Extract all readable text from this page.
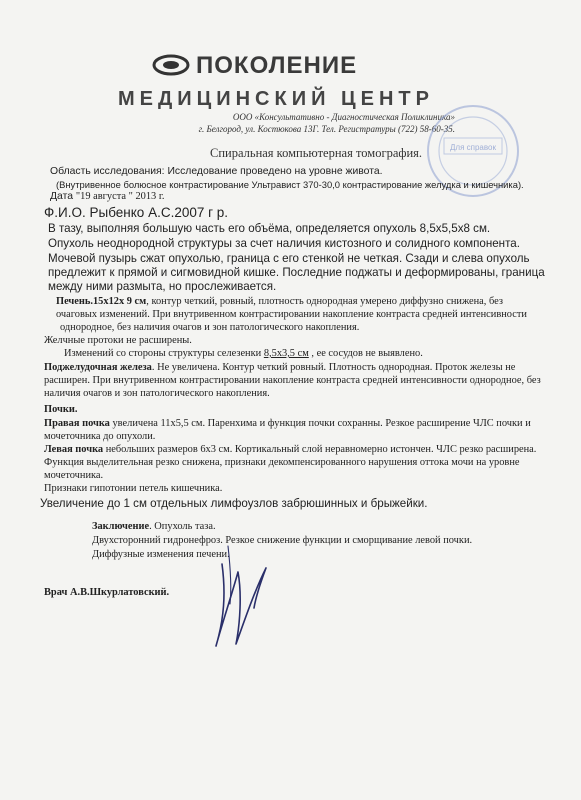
ПОКОЛЕНИЕ
МЕДИЦИНСКИЙ ЦЕНТР
ООО «Консультативно - Диагностическая Поликлиника»
г. Белгород, ул. Костюкова 13Г. Тел. Регистратуры (722) 58-60-35.
Для справок
Спиральная компьютерная томография.
Область исследования: Исследование проведено на уровне живота.
(Внутривенное болюсное контрастирование Ультравист 370-30,0 контрастирование желудка и кишечника).
Дата "19 августа " 2013 г.
Ф.И.О. Рыбенко А.С.2007 г р.
В тазу, выполняя большую часть его объёма, определяется опухоль 8,5х5,5х8 см.
Опухоль неоднородной структуры за счет наличия кистозного и солидного компонента.
Мочевой пузырь сжат опухолью, граница с его стенкой не четкая. Сзади и слева опухоль
предлежит к прямой и сигмовидной кишке. Последние поджаты и деформированы, граница
между ними размыта, но прослеживается.
Печень.15х12х 9 см, контур четкий, ровный, плотность однородная умерено диффузно снижена, без
очаговых изменений. При внутривенном контрастировании накопление контраста средней интенсивности
однородное, без наличия очагов и зон патологического накопления.
Желчные протоки не расширены.
Изменений со стороны структуры селезенки 8,5х3,5 см , ее сосудов не выявлено.
Поджелудочная железа. Не увеличена. Контур четкий ровный. Плотность однородная. Проток железы не
расширен. При внутривенном контрастировании накопление контраста средней интенсивности однородное, без
наличия очагов и зон патологического накопления.
Почки.
Правая почка увеличена 11х5,5 см. Паренхима и функция почки сохранны. Резкое расширение ЧЛС почки и
мочеточника до опухоли.
Левая почка небольших размеров 6х3 см. Кортикальный слой неравномерно истончен. ЧЛС резко расширена.
Функция выделительная резко снижена, признаки декомпенсированного нарушения оттока мочи на уровне
мочеточника.
Признаки гипотонии петель кишечника.
Увеличение до 1 см отдельных лимфоузлов забрюшинных и брыжейки.
Заключение. Опухоль таза.
Двухсторонний гидронефроз. Резкое снижение функции и сморщивание левой почки.
Диффузные изменения печени.
Врач А.В.Шкурлатовский.
